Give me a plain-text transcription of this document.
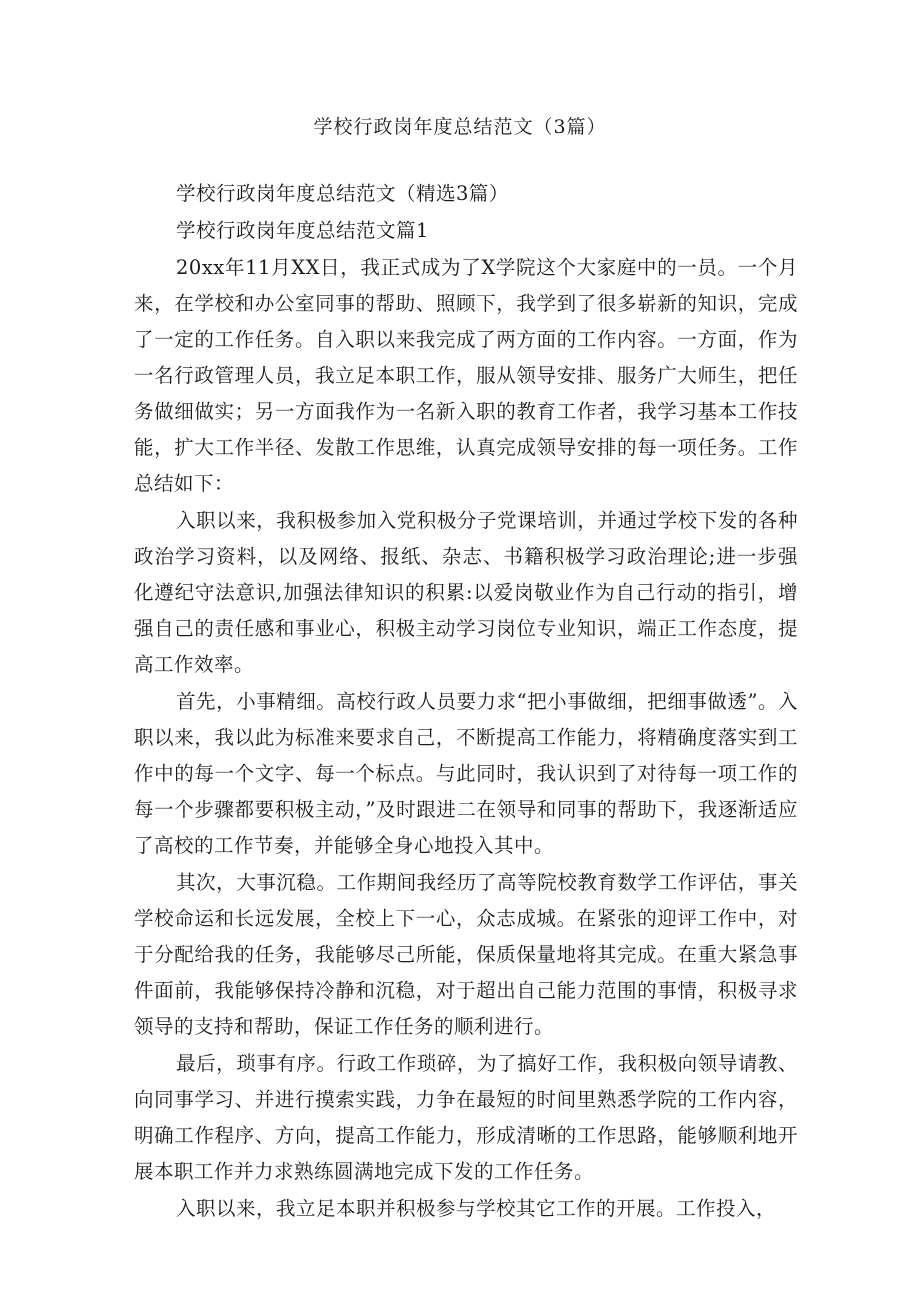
学校行政岗年度总结范文（3篇）

学校行政岗年度总结范文（精选3篇）

学校行政岗年度总结范文篇1

20xx年11月XX日，我正式成为了X学院这个大家庭中的一员。一个月来，在学校和办公室同事的帮助、照顾下，我学到了很多崭新的知识，完成了一定的工作任务。自入职以来我完成了两方面的工作内容。一方面，作为一名行政管理人员，我立足本职工作，服从领导安排、服务广大师生，把任务做细做实；另一方面我作为一名新入职的教育工作者，我学习基本工作技能，扩大工作半径、发散工作思维，认真完成领导安排的每一项任务。工作总结如下：

入职以来，我积极参加入党积极分子党课培训，并通过学校下发的各种政治学习资料，以及网络、报纸、杂志、书籍积极学习政治理论;进一步强化遵纪守法意识,加强法律知识的积累:以爱岗敬业作为自己行动的指引，增强自己的责任感和事业心，积极主动学习岗位专业知识，端正工作态度，提高工作效率。

首先，小事精细。高校行政人员要力求“把小事做细，把细事做透”。入职以来，我以此为标准来要求自己，不断提高工作能力，将精确度落实到工作中的每一个文字、每一个标点。与此同时，我认识到了对待每一项工作的每一个步骤都要积极主动，”及时跟进二在领导和同事的帮助下，我逐渐适应了高校的工作节奏，并能够全身心地投入其中。

其次，大事沉稳。工作期间我经历了高等院校教育数学工作评估，事关学校命运和长远发展，全校上下一心，众志成城。在紧张的迎评工作中，对于分配给我的任务，我能够尽己所能，保质保量地将其完成。在重大紧急事件面前，我能够保持冷静和沉稳，对于超出自己能力范围的事情，积极寻求领导的支持和帮助，保证工作任务的顺利进行。

最后，琐事有序。行政工作琐碎，为了搞好工作，我积极向领导请教、向同事学习、并进行摸索实践，力争在最短的时间里熟悉学院的工作内容，明确工作程序、方向，提高工作能力，形成清晰的工作思路，能够顺利地开展本职工作并力求熟练圆满地完成下发的工作任务。

入职以来，我立足本职并积极参与学校其它工作的开展。工作投入，
